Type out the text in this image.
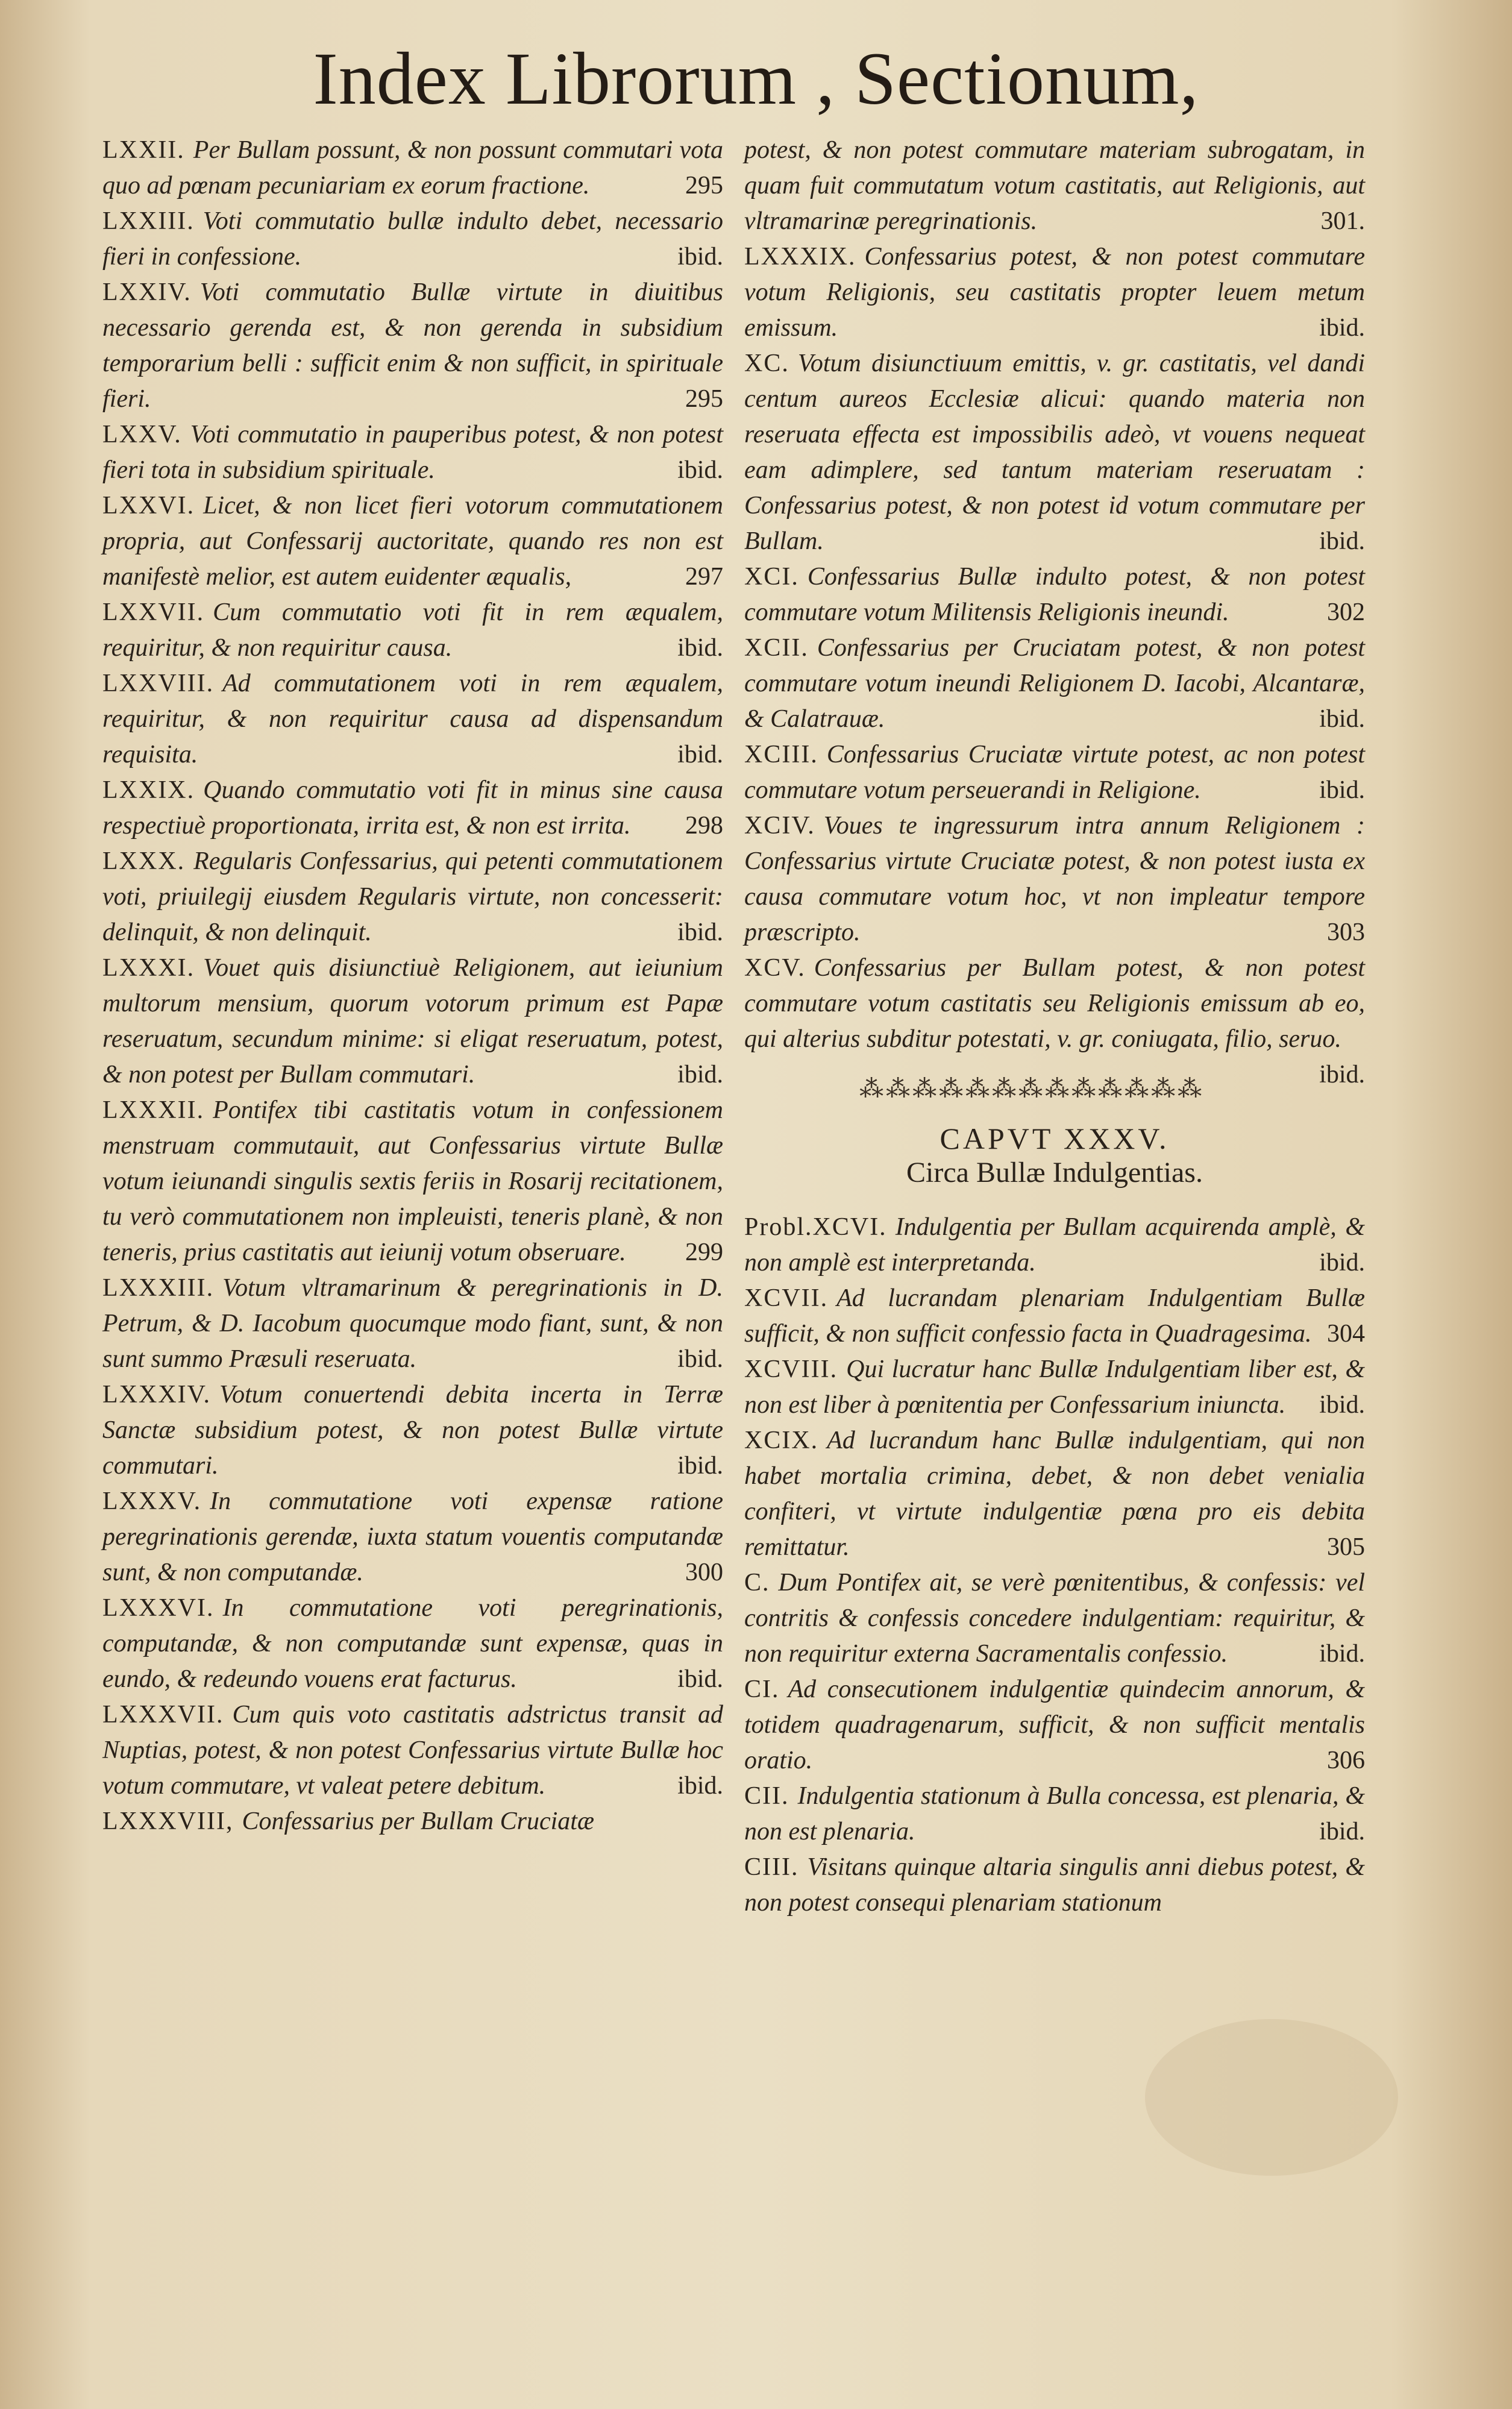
Index Librorum , Sectionum,
LXXII. Per Bullam possunt, & non possunt commutari vota quo ad pœnam pecuniariam ex eorum fractione.	295
LXXIII. Voti commutatio bullæ indulto debet, necessario fieri in confessione.	ibid.
LXXIV. Voti commutatio Bullæ virtute in diuitibus necessario gerenda est, & non gerenda in subsidium temporarium belli : sufficit enim & non sufficit, in spirituale fieri.	295
LXXV. Voti commutatio in pauperibus potest, & non potest fieri tota in subsidium spirituale.	ibid.
LXXVI. Licet, & non licet fieri votorum commutationem propria, aut Confessarij auctoritate, quando res non est manifestè melior, est autem euidenter æqualis,	297
LXXVII. Cum commutatio voti fit in rem æqualem, requiritur, & non requiritur causa.	ibid.
LXXVIII. Ad commutationem voti in rem æqualem, requiritur, & non requiritur causa ad dispensandum requisita.	ibid.
LXXIX. Quando commutatio voti fit in minus sine causa respectiuè proportionata, irrita est, & non est irrita. 298
LXXX. Regularis Confessarius, qui petenti commutationem voti, priuilegij eiusdem Regularis virtute, non concesserit: delinquit, & non delinquit.	ibid.
LXXXI. Vouet quis disiunctiuè Religionem, aut ieiunium multorum mensium, quorum votorum primum est Papæ reseruatum, secundum minime: si eligat reseruatum, potest, & non potest per Bullam commutari.	ibid.
LXXXII. Pontifex tibi castitatis votum in confessionem menstruam commutauit, aut Confessarius virtute Bullæ votum ieiunandi singulis sextis feriis in Rosarij recitationem, tu verò commutationem non impleuisti, teneris planè, & non teneris, prius castitatis aut ieiunij votum obseruare. 299
LXXXIII. Votum vltramarinum & peregrinationis in D. Petrum, & D. Iacobum quocumque modo fiant, sunt, & non sunt summo Præsuli reseruata.	ibid.
LXXXIV. Votum conuertendi debita incerta in Terræ Sanctæ subsidium potest, & non potest Bullæ virtute commutari.	ibid.
LXXXV. In commutatione voti expensæ ratione peregrinationis gerendæ, iuxta statum vouentis computandæ sunt, & non computandæ.	300
LXXXVI. In commutatione voti peregrinationis, computandæ, & non computandæ sunt expensæ, quas in eundo, & redeundo vouens erat facturus.	ibid.
LXXXVII. Cum quis voto castitatis adstrictus transit ad Nuptias, potest, & non potest Confessarius virtute Bullæ hoc votum commutare, vt valeat petere debitum.	ibid.
LXXXVIII, Confessarius per Bullam Cruciatæ
potest, & non potest commutare materiam subrogatam, in quam fuit commutatum votum castitatis, aut Religionis, aut vltramarinæ peregrinationis.	301.
LXXXIX. Confessarius potest, & non potest commutare votum Religionis, seu castitatis propter leuem metum emissum.	ibid.
XC. Votum disiunctiuum emittis, v. gr. castitatis, vel dandi centum aureos Ecclesiæ alicui: quando materia non reseruata effecta est impossibilis adeò, vt vouens nequeat eam adimplere, sed tantum materiam reseruatam : Confessarius potest, & non potest id votum commutare per Bullam.	ibid.
XCI. Confessarius Bullæ indulto potest, & non potest commutare votum Militensis Religionis ineundi.	302
XCII. Confessarius per Cruciatam potest, & non potest commutare votum ineundi Religionem D. Iacobi, Alcantaræ, & Calatrauæ.	ibid.
XCIII. Confessarius Cruciatæ virtute potest, ac non potest commutare votum perseuerandi in Religione.	ibid.
XCIV. Voues te ingressurum intra annum Religionem : Confessarius virtute Cruciatæ potest, & non potest iusta ex causa commutare votum hoc, vt non impleatur tempore præscripto.	303
XCV. Confessarius per Bullam potest, & non potest commutare votum castitatis seu Religionis emissum ab eo, qui alterius subditur potestati, v. gr. coniugata, filio, seruo.
ibid.
⁂⁂⁂⁂⁂⁂⁂⁂⁂⁂⁂⁂⁂
CAPVT XXXV.
Circa Bullæ Indulgentias.
Probl.XCVI. Indulgentia per Bullam acquirenda amplè, & non amplè est interpretanda.	ibid.
XCVII. Ad lucrandam plenariam Indulgentiam Bullæ sufficit, & non sufficit confessio facta in Quadragesima. 304
XCVIII. Qui lucratur hanc Bullæ Indulgentiam liber est, & non est liber à pœnitentia per Confessarium iniuncta. ibid.
XCIX. Ad lucrandum hanc Bullæ indulgentiam, qui non habet mortalia crimina, debet, & non debet venialia confiteri, vt virtute indulgentiæ pœna pro eis debita remittatur.	305
C. Dum Pontifex ait, se verè pœnitentibus, & confessis: vel contritis & confessis concedere indulgentiam: requiritur, & non requiritur externa Sacramentalis confessio.	ibid.
CI. Ad consecutionem indulgentiæ quindecim annorum, & totidem quadragenarum, sufficit, & non sufficit mentalis oratio.	306
CII. Indulgentia stationum à Bulla concessa, est plenaria, & non est plenaria.	ibid.
CIII. Visitans quinque altaria singulis anni diebus potest, & non potest consequi plenariam stationum
